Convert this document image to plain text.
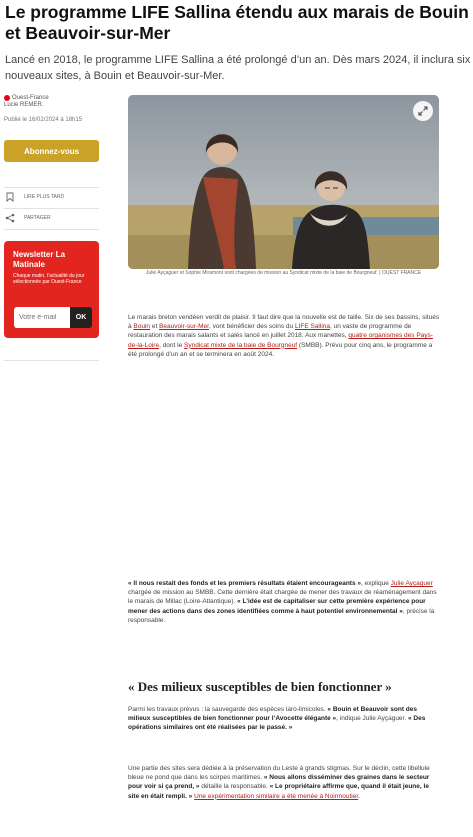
Le programme LIFE Sallina étendu aux marais de Bouin et Beauvoir-sur-Mer

Lancé en 2018, le programme LIFE Sallina a été prolongé d’un an. Dès mars 2024, il inclura six nouveaux sites, à Bouin et Beauvoir-sur-Mer.

Ouest-France
Lucie REMER.
Publié le 16/02/2024 à 18h15
Abonnez-vous
LIRE PLUS TARD
PARTAGER
Newsletter La Matinale
Chaque matin, l’actualité du jour sélectionnée par Ouest-France
Votre e-mail
OK
Julie Ayçaguer et Sophie Miramont sont chargées de mission au Syndicat mixte de la baie de Bourgneuf. | OUEST FRANCE

Le marais breton vendéen verdit de plaisir. Il faut dire que la nouvelle est de taille. Six de ses bassins, situés à Bouin et Beauvoir-sur-Mer, vont bénéficier des soins du LIFE Sallina, un vaste de programme de restauration des marais salants et salés lancé en juillet 2018. Aux manettes, quatre organismes des Pays-de-la-Loire, dont le Syndicat mixte de la baie de Bourgneuf (SMBB). Prévu pour cinq ans, le programme a été prolongé d’un an et se terminera en août 2024.

« Il nous restait des fonds et les premiers résultats étaient encourageants », explique Julie Ayçaguer chargée de mission au SMBB. Cette dernière était chargée de mener des travaux de réaménagement dans le marais de Millac (Loire-Atlantique). « L’idée est de capitaliser sur cette première expérience pour mener des actions dans des zones identifiées comme à haut potentiel environnemental », précise la responsable.

« Des milieux susceptibles de bien fonctionner »

Parmi les travaux prévus : la sauvegarde des espèces laro-limicoles. « Bouin et Beauvoir sont des milieux susceptibles de bien fonctionner pour l’Avocette élégante », indique Julie Ayçaguer. « Des opérations similaires ont été réalisées par le passé. »

Une partie des sites sera dédiée à la préservation du Leste à grands stigmas. Sur le déclin, cette libellule bleue ne pond que dans les scirpes maritimes. « Nous allons disséminer des graines dans le secteur pour voir si ça prend, » détaille la responsable. « Le propriétaire affirme que, quand il était jeune, le site en était rempli. » Une expérimentation similaire a été menée à Noirmoutier.
